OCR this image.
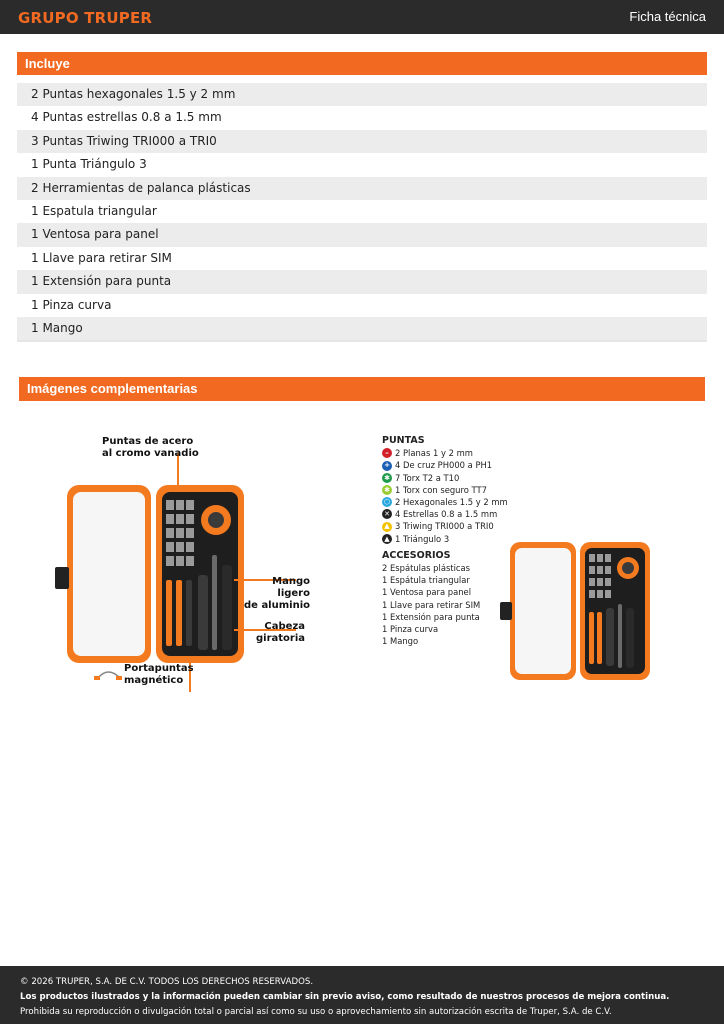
GRUPO TRUPER	Ficha técnica
Incluye
2 Puntas hexagonales 1.5 y 2 mm
4 Puntas estrellas 0.8 a 1.5 mm
3 Puntas Triwing TRI000 a TRI0
1 Punta Triángulo 3
2 Herramientas de palanca plásticas
1 Espatula triangular
1 Ventosa para panel
1 Llave para retirar SIM
1 Extensión para punta
1 Pinza curva
1 Mango
Imágenes complementarias
Puntas de acero
al cromo vanadio
Mango ligero
de aluminio
Cabeza
giratoria
Portapuntas
magnético
PUNTAS
– 2 Planas 1 y 2 mm
+ 4 De cruz PH000 a PH1
✱ 7 Torx T2 a T10
✱ 1 Torx con seguro TT7
⬡ 2 Hexagonales 1.5 y 2 mm
✕ 4 Estrellas 0.8 a 1.5 mm
▲ 3 Triwing TRI000 a TRI0
▲ 1 Triángulo 3
ACCESORIOS
2 Espátulas plásticas
1 Espátula triangular
1 Ventosa para panel
1 Llave para retirar SIM
1 Extensión para punta
1 Pinza curva
1 Mango
© 2026 TRUPER, S.A. DE C.V. TODOS LOS DERECHOS RESERVADOS.
Los productos ilustrados y la información pueden cambiar sin previo aviso, como resultado de nuestros procesos de mejora continua.
Prohibida su reproducción o divulgación total o parcial así como su uso o aprovechamiento sin autorización escrita de Truper, S.A. de C.V.
